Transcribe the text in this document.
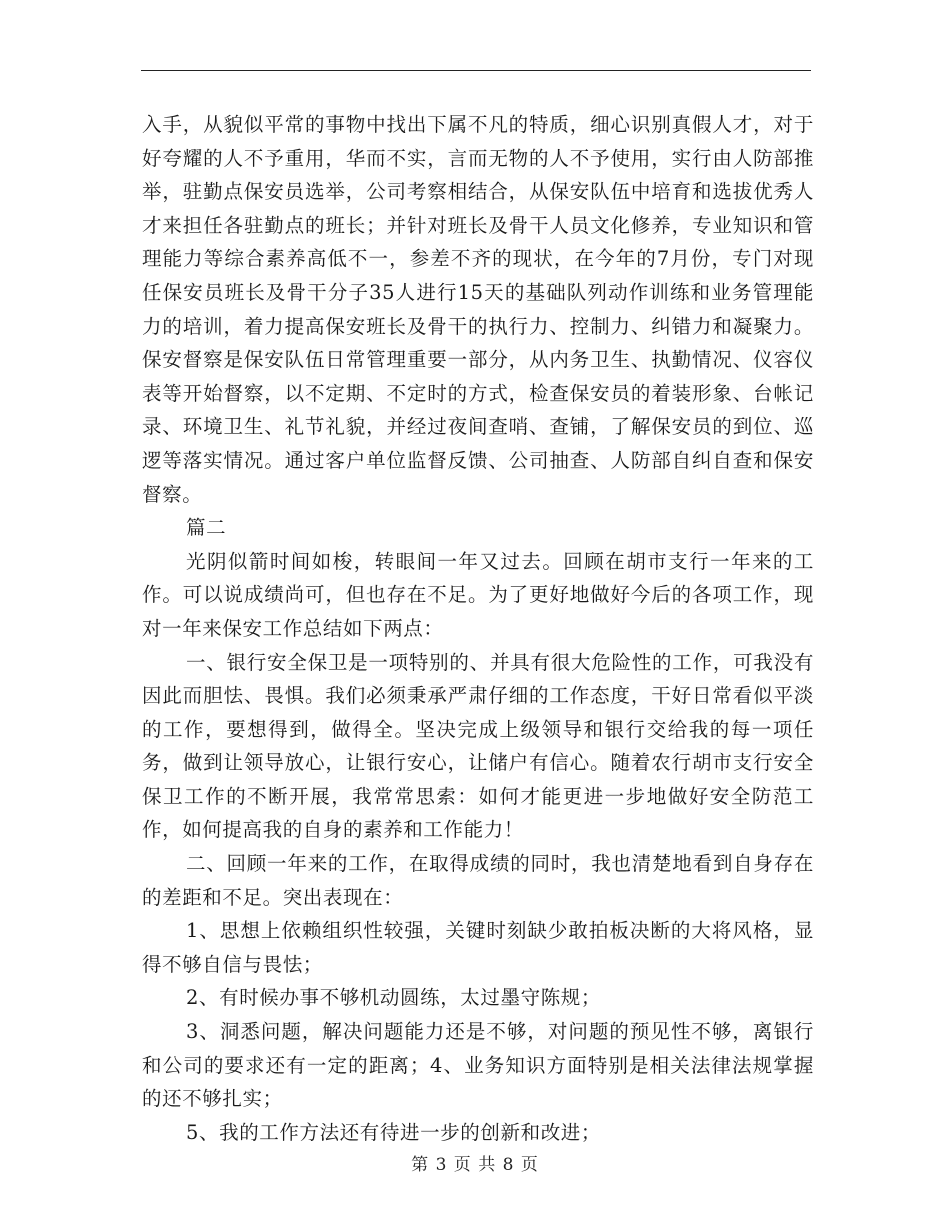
入手，从貌似平常的事物中找出下属不凡的特质，细心识别真假人才，对于好夸耀的人不予重用，华而不实，言而无物的人不予使用，实行由人防部推举，驻勤点保安员选举，公司考察相结合，从保安队伍中培育和选拔优秀人才来担任各驻勤点的班长；并针对班长及骨干人员文化修养，专业知识和管理能力等综合素养高低不一，参差不齐的现状，在今年的7月份，专门对现任保安员班长及骨干分子35人进行15天的基础队列动作训练和业务管理能力的培训，着力提高保安班长及骨干的执行力、控制力、纠错力和凝聚力。保安督察是保安队伍日常管理重要一部分，从内务卫生、执勤情况、仪容仪表等开始督察，以不定期、不定时的方式，检查保安员的着装形象、台帐记录、环境卫生、礼节礼貌，并经过夜间查哨、查铺，了解保安员的到位、巡逻等落实情况。通过客户单位监督反馈、公司抽查、人防部自纠自查和保安督察。

篇二

光阴似箭时间如梭，转眼间一年又过去。回顾在胡市支行一年来的工作。可以说成绩尚可，但也存在不足。为了更好地做好今后的各项工作，现对一年来保安工作总结如下两点：

一、银行安全保卫是一项特别的、并具有很大危险性的工作，可我没有因此而胆怯、畏惧。我们必须秉承严肃仔细的工作态度，干好日常看似平淡的工作，要想得到，做得全。坚决完成上级领导和银行交给我的每一项任务，做到让领导放心，让银行安心，让储户有信心。随着农行胡市支行安全保卫工作的不断开展，我常常思索：如何才能更进一步地做好安全防范工作，如何提高我的自身的素养和工作能力！

二、回顾一年来的工作，在取得成绩的同时，我也清楚地看到自身存在的差距和不足。突出表现在：

1、思想上依赖组织性较强，关键时刻缺少敢拍板决断的大将风格，显得不够自信与畏怯；

2、有时候办事不够机动圆练，太过墨守陈规；

3、洞悉问题，解决问题能力还是不够，对问题的预见性不够，离银行和公司的要求还有一定的距离；4、业务知识方面特别是相关法律法规掌握的还不够扎实；

5、我的工作方法还有待进一步的创新和改进；

第 3 页 共 8 页
